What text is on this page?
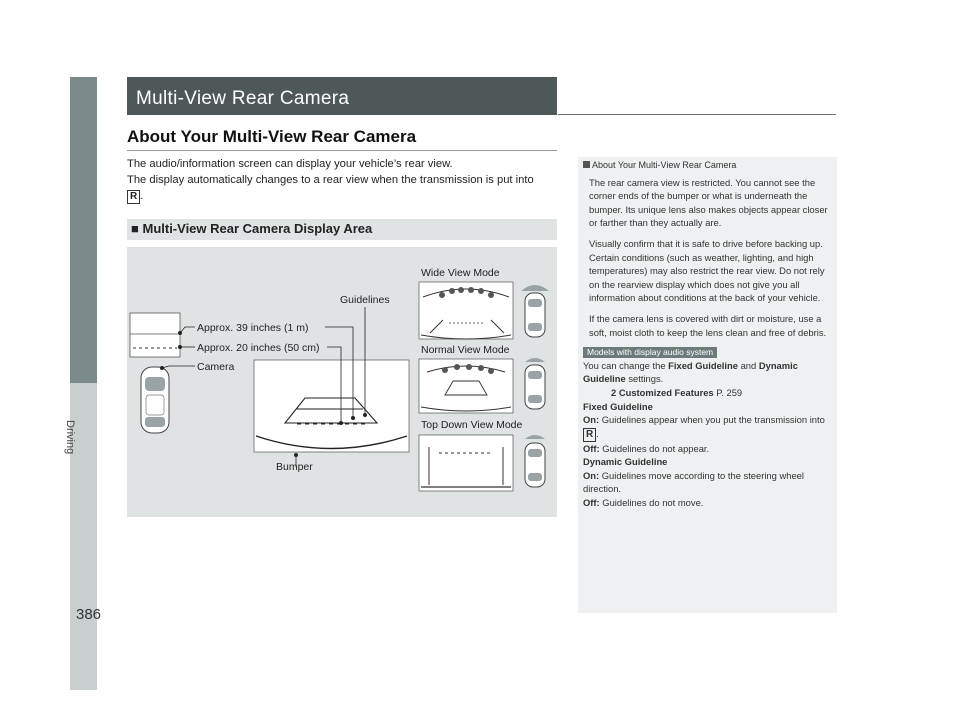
Driving
386
Multi-View Rear Camera
About Your Multi-View Rear Camera
The audio/information screen can display your vehicle’s rear view.
The display automatically changes to a rear view when the transmission is put into
R .
■ Multi-View Rear Camera Display Area
Approx. 39 inches (1 m)
Approx. 20 inches (50 cm)
Camera
Guidelines
Bumper
Wide View Mode
Normal View Mode
Top Down View Mode
About Your Multi-View Rear Camera
The rear camera view is restricted. You cannot see the corner ends of the bumper or what is underneath the bumper. Its unique lens also makes objects appear closer or farther than they actually are.
Visually confirm that it is safe to drive before backing up. Certain conditions (such as weather, lighting, and high temperatures) may also restrict the rear view. Do not rely on the rearview display which does not give you all information about conditions at the back of your vehicle.
If the camera lens is covered with dirt or moisture, use a soft, moist cloth to keep the lens clean and free of debris.
Models with display audio system
You can change the Fixed Guideline and Dynamic
Guideline settings.
2 Customized Features P. 259
Fixed Guideline
On: Guidelines appear when you put the transmission into R .
Off: Guidelines do not appear.
Dynamic Guideline
On: Guidelines move according to the steering wheel direction.
Off: Guidelines do not move.
